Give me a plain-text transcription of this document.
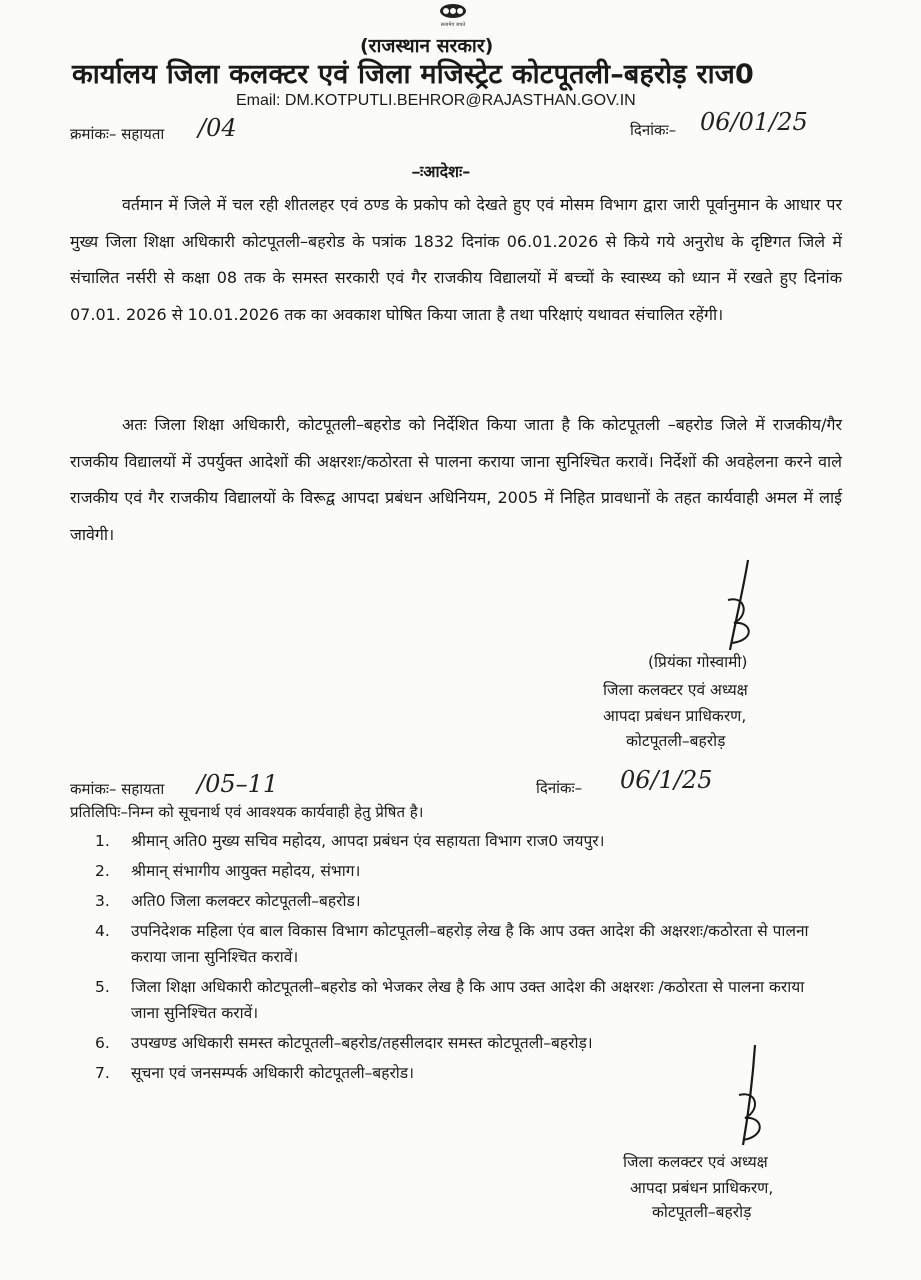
सत्यमेव जयते
(राजस्थान सरकार)
कार्यालय जिला कलक्टर एवं जिला मजिस्ट्रेट कोटपूतली–बहरोड़ राज0
Email: DM.KOTPUTLI.BEHROR@RAJASTHAN.GOV.IN
क्रमांकः– सहायता /04	दिनांकः– 06/01/25
–ःआदेशः–
वर्तमान में जिले में चल रही शीतलहर एवं ठण्ड के प्रकोप को देखते हुए एवं मोसम विभाग द्वारा जारी पूर्वानुमान के आधार पर मुख्य जिला शिक्षा अधिकारी कोटपूतली–बहरोड के पत्रांक 1832 दिनांक 06.01.2026 से किये गये अनुरोध के दृष्टिगत जिले में संचालित नर्सरी से कक्षा 08 तक के समस्त सरकारी एवं गैर राजकीय विद्यालयों में बच्चों के स्वास्थ्य को ध्यान में रखते हुए दिनांक 07.01. 2026 से 10.01.2026 तक का अवकाश घोषित किया जाता है तथा परिक्षाएं यथावत संचालित रहेंगी।
अतः जिला शिक्षा अधिकारी, कोटपूतली–बहरोड को निर्देशित किया जाता है कि कोटपूतली –बहरोड जिले में राजकीय/गैर राजकीय विद्यालयों में उपर्युक्त आदेशों की अक्षरशः/कठोरता से पालना कराया जाना सुनिश्चित करावें। निर्देशों की अवहेलना करने वाले राजकीय एवं गैर राजकीय विद्यालयों के विरूद्व आपदा प्रबंधन अधिनियम, 2005 में निहित प्रावधानों के तहत कार्यवाही अमल में लाई जावेगी।
(प्रियंका गोस्वामी)
जिला कलक्टर एवं अध्यक्ष
आपदा प्रबंधन प्राधिकरण,
कोटपूतली–बहरोड़
कमांकः– सहायता /05–11	दिनांकः– 06/1/25
प्रतिलिपिः–निम्न को सूचनार्थ एवं आवश्यक कार्यवाही हेतु प्रेषित है।
1. श्रीमान् अति0 मुख्य सचिव महोदय, आपदा प्रबंधन एंव सहायता विभाग राज0 जयपुर।
2. श्रीमान् संभागीय आयुक्त महोदय, संभाग।
3. अति0 जिला कलक्टर कोटपूतली–बहरोड।
4. उपनिदेशक महिला एंव बाल विकास विभाग कोटपूतली–बहरोड़ लेख है कि आप उक्त आदेश की अक्षरशः/कठोरता से पालना कराया जाना सुनिश्चित करावें।
5. जिला शिक्षा अधिकारी कोटपूतली–बहरोड को भेजकर लेख है कि आप उक्त आदेश की अक्षरशः /कठोरता से पालना कराया जाना सुनिश्चित करावें।
6. उपखण्ड अधिकारी समस्त कोटपूतली–बहरोड/तहसीलदार समस्त कोटपूतली–बहरोड़।
7. सूचना एवं जनसम्पर्क अधिकारी कोटपूतली–बहरोड।
जिला कलक्टर एवं अध्यक्ष
आपदा प्रबंधन प्राधिकरण,
कोटपूतली–बहरोड़
